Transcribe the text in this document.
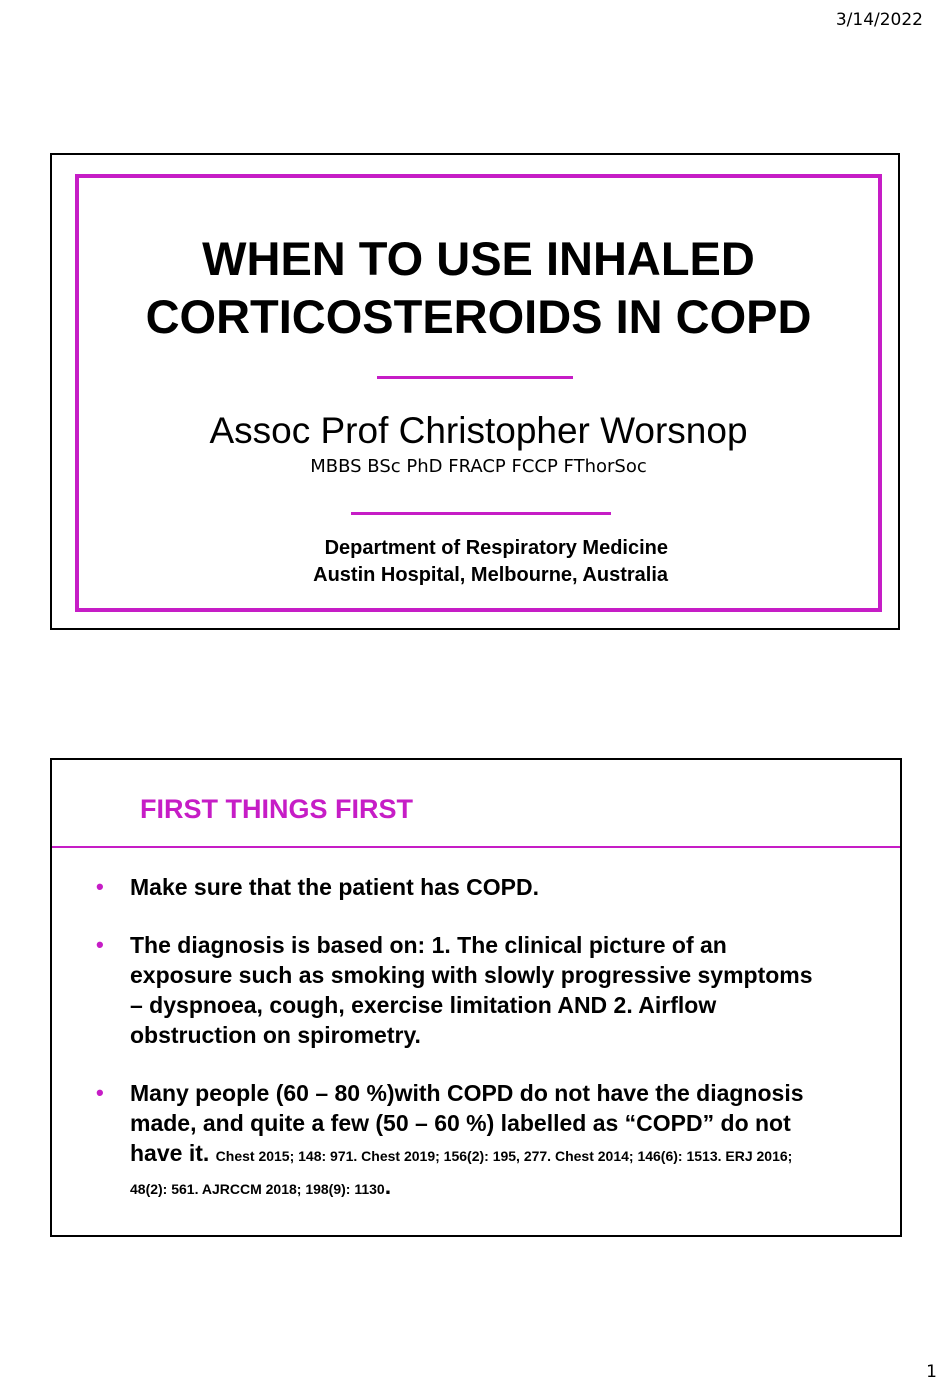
3/14/2022
WHEN TO USE INHALED
CORTICOSTEROIDS IN COPD
Assoc Prof Christopher Worsnop
MBBS BSc PhD FRACP FCCP FThorSoc
Department of Respiratory Medicine
Austin Hospital, Melbourne, Australia
FIRST THINGS FIRST
• Make sure that the patient has COPD.
• The diagnosis is based on: 1. The clinical picture of an exposure such as smoking with slowly progressive symptoms – dyspnoea, cough, exercise limitation AND 2. Airflow obstruction on spirometry.
• Many people (60 – 80 %)with COPD do not have the diagnosis made, and quite a few (50 – 60 %) labelled as “COPD” do not have it. Chest 2015; 148: 971. Chest 2019; 156(2): 195, 277. Chest 2014; 146(6): 1513. ERJ 2016; 48(2): 561. AJRCCM 2018; 198(9): 1130.
1
